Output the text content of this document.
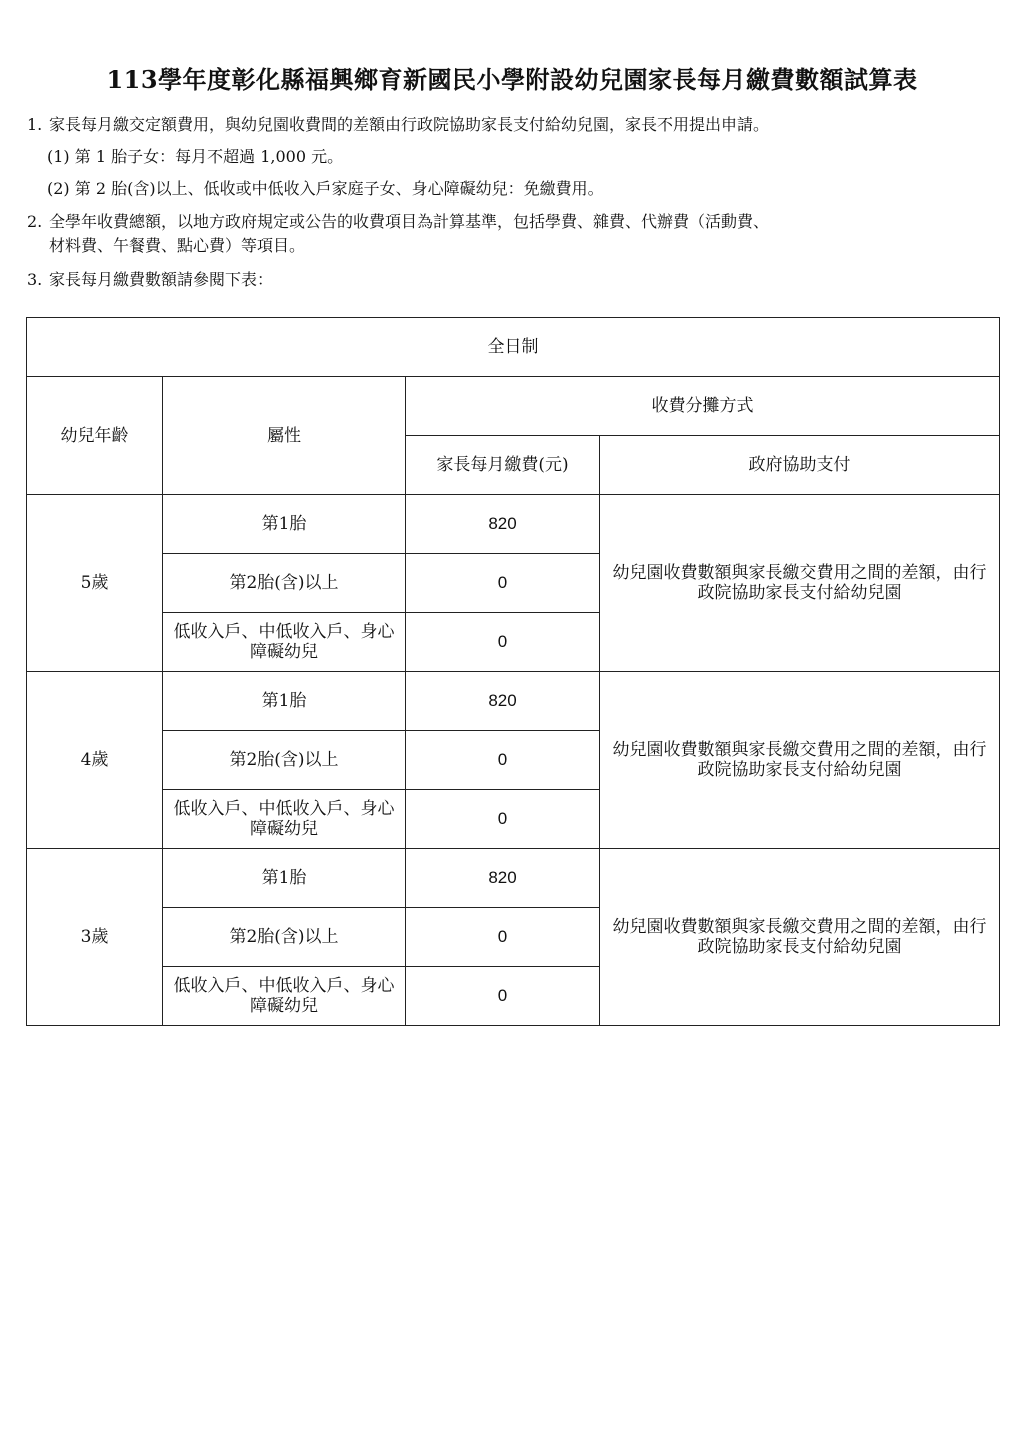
113學年度彰化縣福興鄉育新國民小學附設幼兒園家長每月繳費數額試算表
1. 家長每月繳交定額費用，與幼兒園收費間的差額由行政院協助家長支付給幼兒園，家長不用提出申請。
(1) 第 1 胎子女：每月不超過 1,000 元。
(2) 第 2 胎(含)以上、低收或中低收入戶家庭子女、身心障礙幼兒：免繳費用。
2. 全學年收費總額，以地方政府規定或公告的收費項目為計算基準，包括學費、雜費、代辦費（活動費、
材料費、午餐費、點心費）等項目。
3. 家長每月繳費數額請參閱下表：
全日制			
幼兒年齡	屬性	收費分攤方式	
		家長每月繳費(元)	政府協助支付
5歲	第1胎	820	幼兒園收費數額與家長繳交費用之間的差額，由行政院協助家長支付給幼兒園
	第2胎(含)以上	0	
	低收入戶、中低收入戶、身心障礙幼兒	0	
4歲	第1胎	820	幼兒園收費數額與家長繳交費用之間的差額，由行政院協助家長支付給幼兒園
	第2胎(含)以上	0	
	低收入戶、中低收入戶、身心障礙幼兒	0	
3歲	第1胎	820	幼兒園收費數額與家長繳交費用之間的差額，由行政院協助家長支付給幼兒園
	第2胎(含)以上	0	
	低收入戶、中低收入戶、身心障礙幼兒	0	
